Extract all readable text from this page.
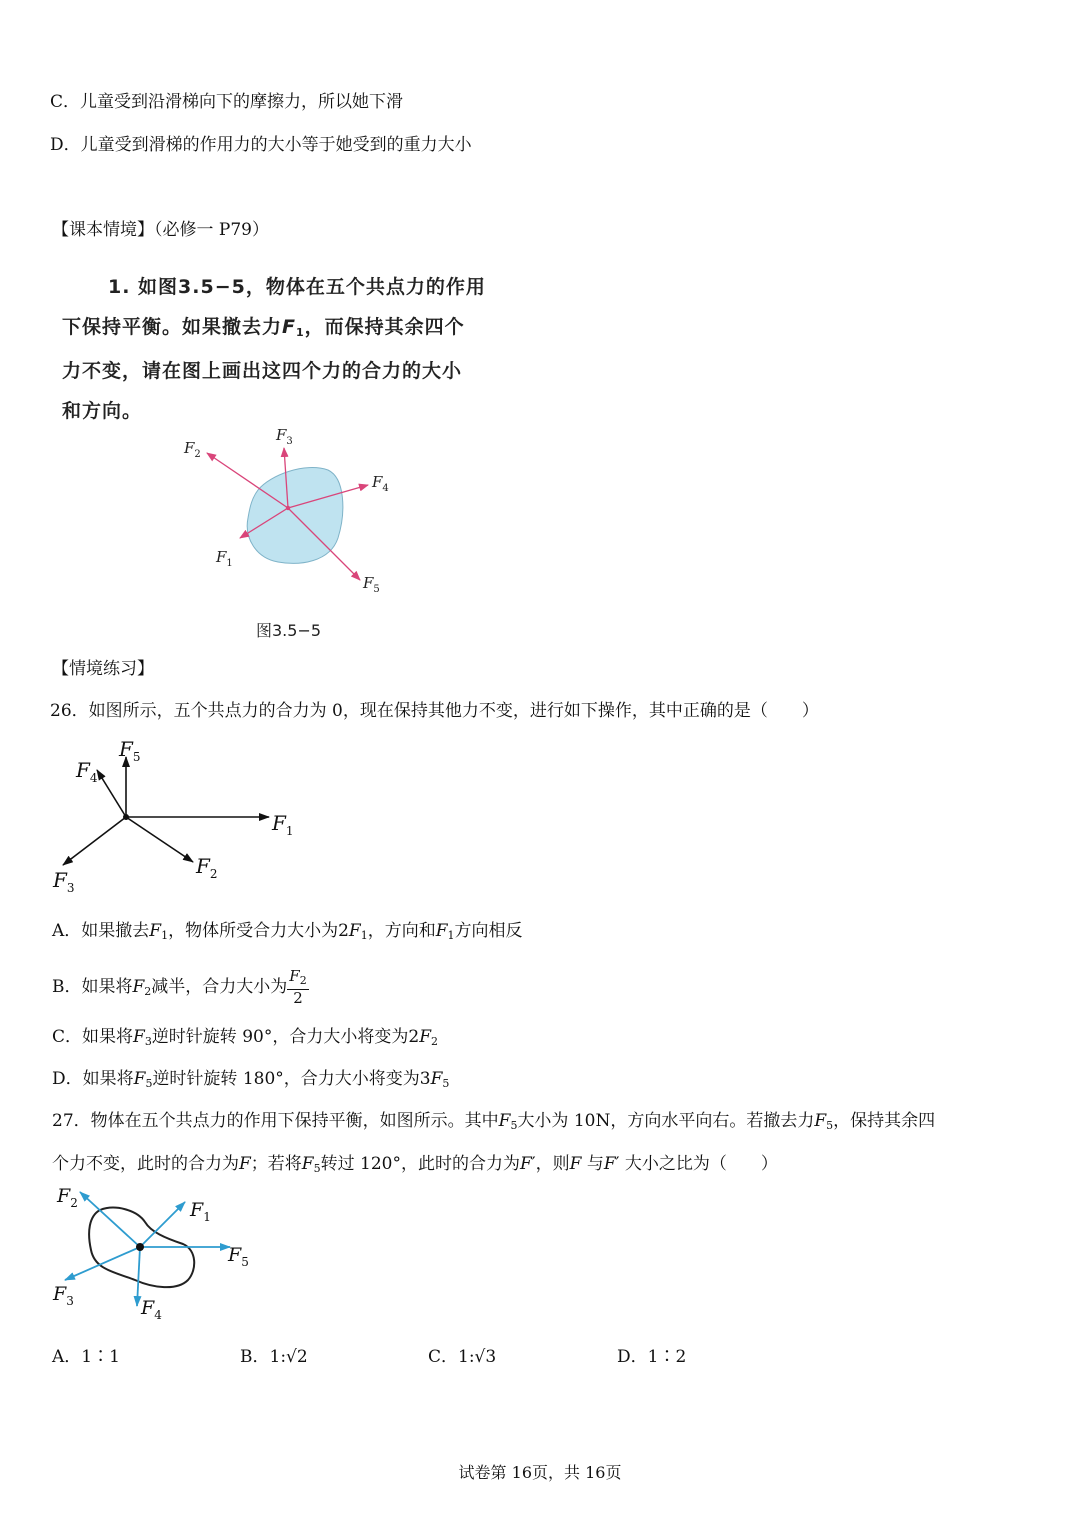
C．儿童受到沿滑梯向下的摩擦力，所以她下滑
D．儿童受到滑梯的作用力的大小等于她受到的重力大小
【课本情境】（必修一 P79）
1. 如图3.5−5，物体在五个共点力的作用
下保持平衡。如果撤去力$F_1$，而保持其余四个
力不变，请在图上画出这四个力的合力的大小
和方向。
$F_2$
$F_3$
$F_4$
$F_1$
$F_5$
图3.5−5
【情境练习】
26．如图所示，五个共点力的合力为 0，现在保持其他力不变，进行如下操作，其中正确的是（　　）
$F_5$
$F_4$
$F_1$
$F_2$
$F_3$
A．如果撤去$F_1$，物体所受合力大小为$2F_1$，方向和$F_1$方向相反
B．如果将$F_2$减半，合力大小为 $\frac{F_2}{2}$
C．如果将$F_3$逆时针旋转 90°，合力大小将变为$2F_2$
D．如果将$F_5$逆时针旋转 180°，合力大小将变为$3F_5$
27．物体在五个共点力的作用下保持平衡，如图所示。其中$F_5$大小为 10N，方向水平向右。若撤去力$F_5$，保持其余四
个力不变，此时的合力为F；若将$F_5$转过 120°，此时的合力为F′，则F 与F′ 大小之比为（　　）
$F_2$	$F_1$
$F_5$
$F_3$	$F_4$
A．1∶1	B．1:√2	C．1:√3	D．1∶2
试卷第 16页，共 16页
